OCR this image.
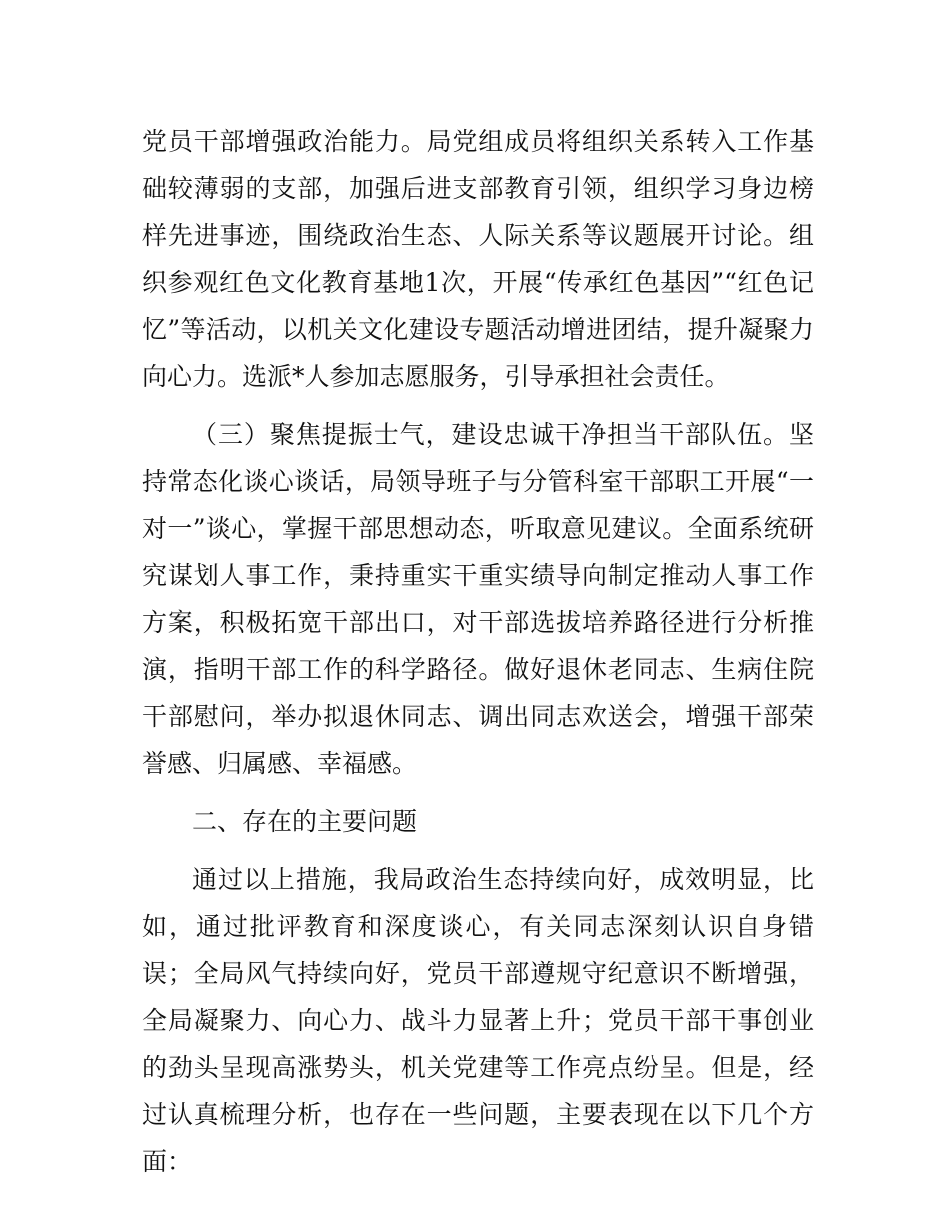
党员干部增强政治能力。局党组成员将组织关系转入工作基础较薄弱的支部，加强后进支部教育引领，组织学习身边榜样先进事迹，围绕政治生态、人际关系等议题展开讨论。组织参观红色文化教育基地1次，开展“传承红色基因”“红色记忆”等活动，以机关文化建设专题活动增进团结，提升凝聚力向心力。选派*人参加志愿服务，引导承担社会责任。

（三）聚焦提振士气，建设忠诚干净担当干部队伍。坚持常态化谈心谈话，局领导班子与分管科室干部职工开展“一对一”谈心，掌握干部思想动态，听取意见建议。全面系统研究谋划人事工作，秉持重实干重实绩导向制定推动人事工作方案，积极拓宽干部出口，对干部选拔培养路径进行分析推演，指明干部工作的科学路径。做好退休老同志、生病住院干部慰问，举办拟退休同志、调出同志欢送会，增强干部荣誉感、归属感、幸福感。

二、存在的主要问题

通过以上措施，我局政治生态持续向好，成效明显，比如，通过批评教育和深度谈心，有关同志深刻认识自身错误；全局风气持续向好，党员干部遵规守纪意识不断增强，全局凝聚力、向心力、战斗力显著上升；党员干部干事创业的劲头呈现高涨势头，机关党建等工作亮点纷呈。但是，经过认真梳理分析，也存在一些问题，主要表现在以下几个方面：
